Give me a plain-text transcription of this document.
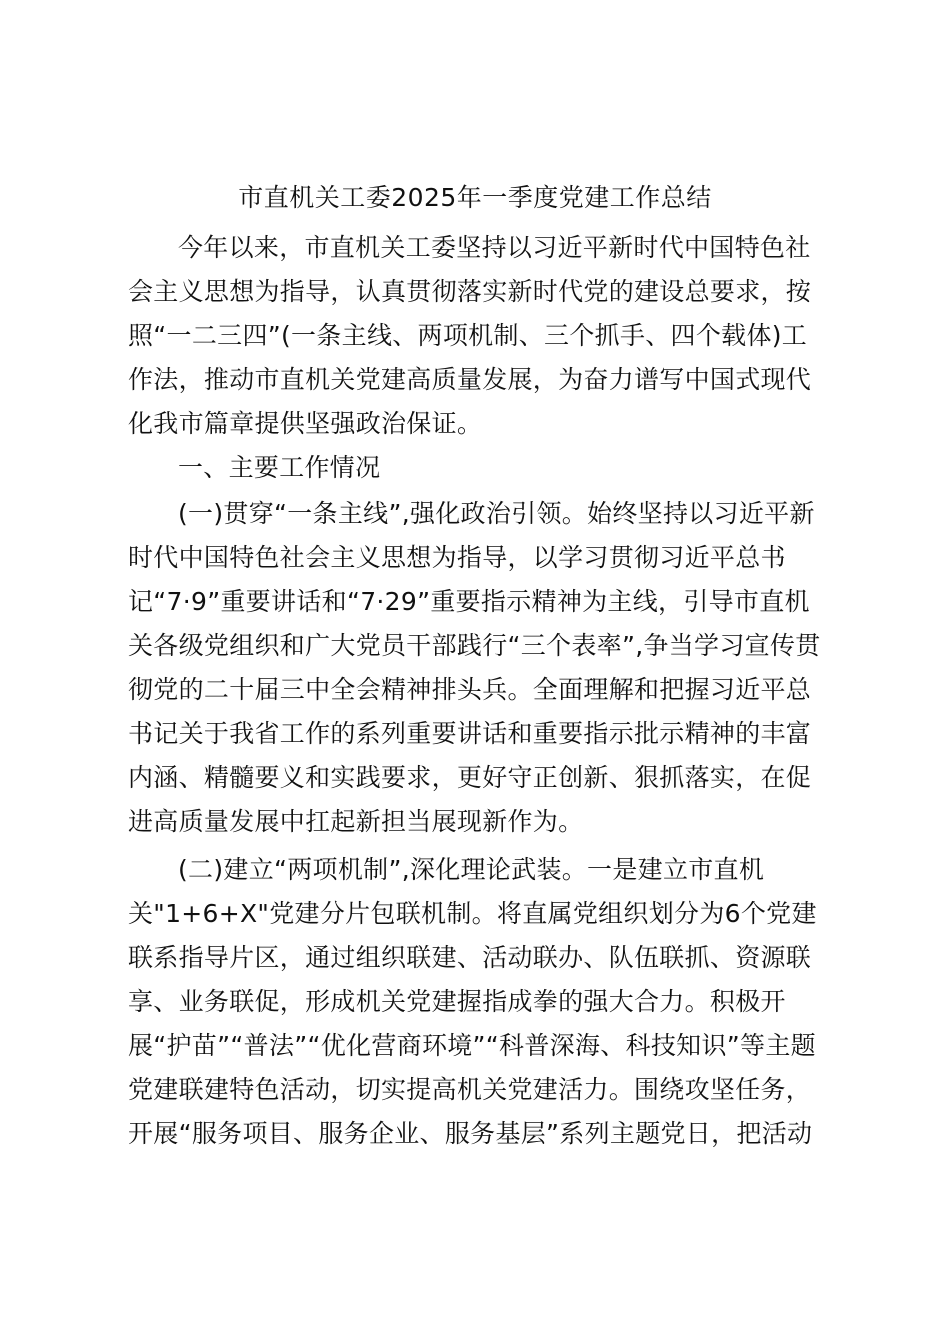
市直机关工委2025年一季度党建工作总结
今年以来，市直机关工委坚持以习近平新时代中国特色社
会主义思想为指导，认真贯彻落实新时代党的建设总要求，按
照“一二三四”(一条主线、两项机制、三个抓手、四个载体)工
作法，推动市直机关党建高质量发展，为奋力谱写中国式现代
化我市篇章提供坚强政治保证。
一、主要工作情况
(一)贯穿“一条主线”,强化政治引领。始终坚持以习近平新
时代中国特色社会主义思想为指导，以学习贯彻习近平总书
记“7·9”重要讲话和“7·29”重要指示精神为主线，引导市直机
关各级党组织和广大党员干部践行“三个表率”,争当学习宣传贯
彻党的二十届三中全会精神排头兵。全面理解和把握习近平总
书记关于我省工作的系列重要讲话和重要指示批示精神的丰富
内涵、精髓要义和实践要求，更好守正创新、狠抓落实，在促
进高质量发展中扛起新担当展现新作为。
(二)建立“两项机制”,深化理论武装。一是建立市直机
关"1+6+X"党建分片包联机制。将直属党组织划分为6个党建
联系指导片区，通过组织联建、活动联办、队伍联抓、资源联
享、业务联促，形成机关党建握指成拳的强大合力。积极开
展“护苗”“普法”“优化营商环境”“科普深海、科技知识”等主题
党建联建特色活动，切实提高机关党建活力。围绕攻坚任务，
开展“服务项目、服务企业、服务基层”系列主题党日，把活动
